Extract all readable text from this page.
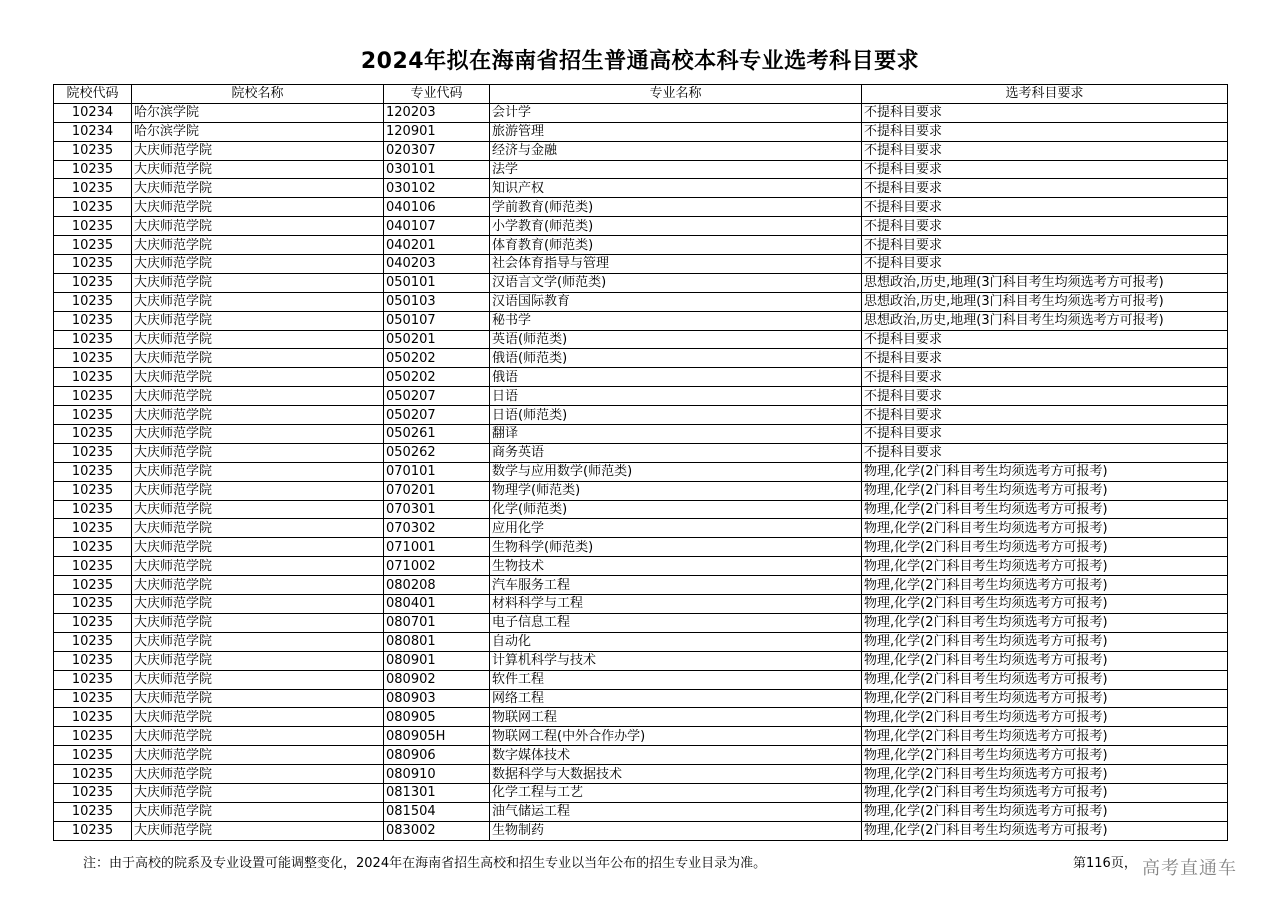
2024年拟在海南省招生普通高校本科专业选考科目要求
院校代码	院校名称	专业代码	专业名称	选考科目要求
10234	哈尔滨学院	120203	会计学	不提科目要求
10234	哈尔滨学院	120901	旅游管理	不提科目要求
10235	大庆师范学院	020307	经济与金融	不提科目要求
10235	大庆师范学院	030101	法学	不提科目要求
10235	大庆师范学院	030102	知识产权	不提科目要求
10235	大庆师范学院	040106	学前教育(师范类)	不提科目要求
10235	大庆师范学院	040107	小学教育(师范类)	不提科目要求
10235	大庆师范学院	040201	体育教育(师范类)	不提科目要求
10235	大庆师范学院	040203	社会体育指导与管理	不提科目要求
10235	大庆师范学院	050101	汉语言文学(师范类)	思想政治,历史,地理(3门科目考生均须选考方可报考)
10235	大庆师范学院	050103	汉语国际教育	思想政治,历史,地理(3门科目考生均须选考方可报考)
10235	大庆师范学院	050107	秘书学	思想政治,历史,地理(3门科目考生均须选考方可报考)
10235	大庆师范学院	050201	英语(师范类)	不提科目要求
10235	大庆师范学院	050202	俄语(师范类)	不提科目要求
10235	大庆师范学院	050202	俄语	不提科目要求
10235	大庆师范学院	050207	日语	不提科目要求
10235	大庆师范学院	050207	日语(师范类)	不提科目要求
10235	大庆师范学院	050261	翻译	不提科目要求
10235	大庆师范学院	050262	商务英语	不提科目要求
10235	大庆师范学院	070101	数学与应用数学(师范类)	物理,化学(2门科目考生均须选考方可报考)
10235	大庆师范学院	070201	物理学(师范类)	物理,化学(2门科目考生均须选考方可报考)
10235	大庆师范学院	070301	化学(师范类)	物理,化学(2门科目考生均须选考方可报考)
10235	大庆师范学院	070302	应用化学	物理,化学(2门科目考生均须选考方可报考)
10235	大庆师范学院	071001	生物科学(师范类)	物理,化学(2门科目考生均须选考方可报考)
10235	大庆师范学院	071002	生物技术	物理,化学(2门科目考生均须选考方可报考)
10235	大庆师范学院	080208	汽车服务工程	物理,化学(2门科目考生均须选考方可报考)
10235	大庆师范学院	080401	材料科学与工程	物理,化学(2门科目考生均须选考方可报考)
10235	大庆师范学院	080701	电子信息工程	物理,化学(2门科目考生均须选考方可报考)
10235	大庆师范学院	080801	自动化	物理,化学(2门科目考生均须选考方可报考)
10235	大庆师范学院	080901	计算机科学与技术	物理,化学(2门科目考生均须选考方可报考)
10235	大庆师范学院	080902	软件工程	物理,化学(2门科目考生均须选考方可报考)
10235	大庆师范学院	080903	网络工程	物理,化学(2门科目考生均须选考方可报考)
10235	大庆师范学院	080905	物联网工程	物理,化学(2门科目考生均须选考方可报考)
10235	大庆师范学院	080905H	物联网工程(中外合作办学)	物理,化学(2门科目考生均须选考方可报考)
10235	大庆师范学院	080906	数字媒体技术	物理,化学(2门科目考生均须选考方可报考)
10235	大庆师范学院	080910	数据科学与大数据技术	物理,化学(2门科目考生均须选考方可报考)
10235	大庆师范学院	081301	化学工程与工艺	物理,化学(2门科目考生均须选考方可报考)
10235	大庆师范学院	081504	油气储运工程	物理,化学(2门科目考生均须选考方可报考)
10235	大庆师范学院	083002	生物制药	物理,化学(2门科目考生均须选考方可报考)
注：由于高校的院系及专业设置可能调整变化，2024年在海南省招生高校和招生专业以当年公布的招生专业目录为准。	第116页， 高考直通车
